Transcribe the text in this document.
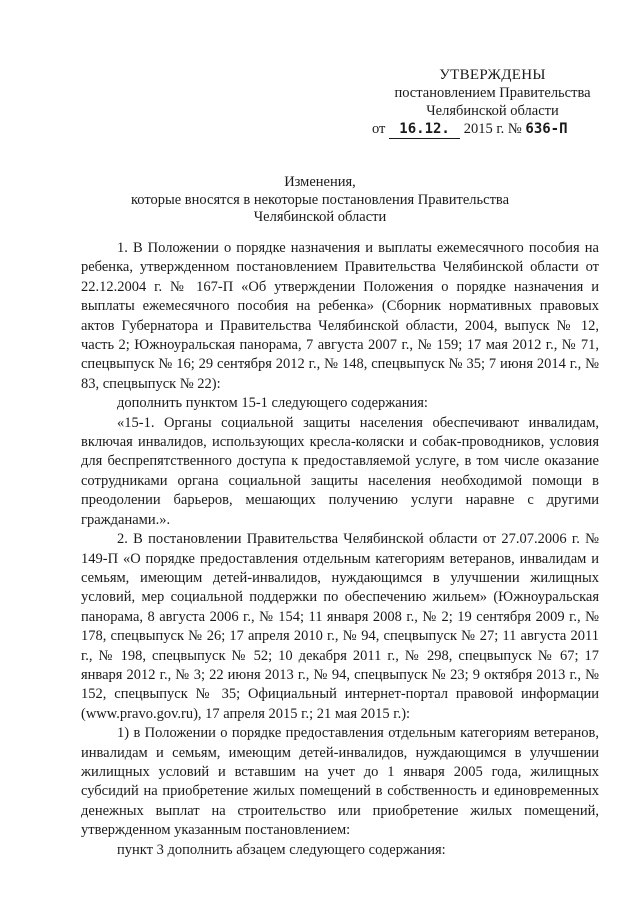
УТВЕРЖДЕНЫ
постановлением Правительства
Челябинской области
от 16.12. 2015 г. № 636-П
Изменения,
которые вносятся в некоторые постановления Правительства
Челябинской области

1. В Положении о порядке назначения и выплаты ежемесячного пособия на ребенка, утвержденном постановлением Правительства Челябинской области от 22.12.2004 г. № 167-П «Об утверждении Положения о порядке назначения и выплаты ежемесячного пособия на ребенка» (Сборник нормативных правовых актов Губернатора и Правительства Челябинской области, 2004, выпуск № 12, часть 2; Южноуральская панорама, 7 августа 2007 г., № 159; 17 мая 2012 г., № 71, спецвыпуск № 16; 29 сентября 2012 г., № 148, спецвыпуск № 35; 7 июня 2014 г., № 83, спецвыпуск № 22):

дополнить пунктом 15-1 следующего содержания:

«15-1. Органы социальной защиты населения обеспечивают инвалидам, включая инвалидов, использующих кресла-коляски и собак-проводников, условия для беспрепятственного доступа к предоставляемой услуге, в том числе оказание сотрудниками органа социальной защиты населения необходимой помощи в преодолении барьеров, мешающих получению услуги наравне с другими гражданами.».

2. В постановлении Правительства Челябинской области от 27.07.2006 г. № 149-П «О порядке предоставления отдельным категориям ветеранов, инвалидам и семьям, имеющим детей-инвалидов, нуждающимся в улучшении жилищных условий, мер социальной поддержки по обеспечению жильем» (Южноуральская панорама, 8 августа 2006 г., № 154; 11 января 2008 г., № 2; 19 сентября 2009 г., № 178, спецвыпуск № 26; 17 апреля 2010 г., № 94, спецвыпуск № 27; 11 августа 2011 г., № 198, спецвыпуск № 52; 10 декабря 2011 г., № 298, спецвыпуск № 67; 17 января 2012 г., № 3; 22 июня 2013 г., № 94, спецвыпуск № 23; 9 октября 2013 г., № 152, спецвыпуск № 35; Официальный интернет-портал правовой информации (www.pravo.gov.ru), 17 апреля 2015 г.; 21 мая 2015 г.):

1) в Положении о порядке предоставления отдельным категориям ветеранов, инвалидам и семьям, имеющим детей-инвалидов, нуждающимся в улучшении жилищных условий и вставшим на учет до 1 января 2005 года, жилищных субсидий на приобретение жилых помещений в собственность и единовременных денежных выплат на строительство или приобретение жилых помещений, утвержденном указанным постановлением:

пункт 3 дополнить абзацем следующего содержания:
